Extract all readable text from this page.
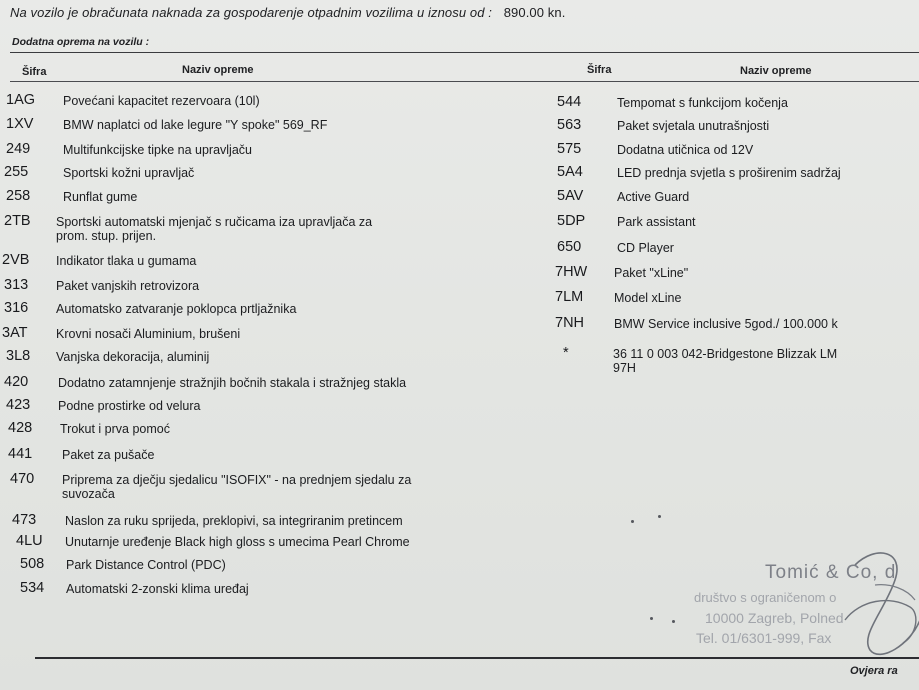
Na vozilo je obračunata naknada za gospodarenje otpadnim vozilima u iznosu od : 890.00 kn.
Dodatna oprema na vozilu :
Šifra	Naziv opreme	Šifra	Naziv opreme
1AG Povećani kapacitet rezervoara (10l)
1XV BMW naplatci od lake legure "Y spoke" 569_RF
249	Multifunkcijske tipke na upravljaču
255	Sportski kožni upravljač
258	Runflat gume
2TB Sportski automatski mjenjač s ručicama iza upravljača za
prom. stup. prijen.
2VB Indikator tlaka u gumama
313 Paket vanjskih retrovizora
316 Automatsko zatvaranje poklopca prtljažnika
3AT Krovni nosači Aluminium, brušeni
3L8 Vanjska dekoracija, aluminij
420 Dodatno zatamnjenje stražnjih bočnih stakala i stražnjeg stakla
423 Podne prostirke od velura
428 Trokut i prva pomoć
441 Paket za pušače
470 Priprema za dječju sjedalicu "ISOFIX" - na prednjem sjedalu za
suvozača
473 Naslon za ruku sprijeda, preklopivi, sa integriranim pretincem
4LU Unutarnje uređenje Black high gloss s umecima Pearl Chrome
508 Park Distance Control (PDC)
534 Automatski 2-zonski klima uređaj
544	Tempomat s funkcijom kočenja
563	Paket svjetala unutrašnjosti
575	Dodatna utičnica od 12V
5A4	LED prednja svjetla s proširenim sadržaj
5AV	Active Guard
5DP	Park assistant
650	CD Player
7HW Paket "xLine"
7LM Model xLine
7NH BMW Service inclusive 5god./ 100.000 k
*	36 11 0 003 042-Bridgestone Blizzak LM
97H
Tomić & Co, d
društvo s ograničenom o
10000 Zagreb, Polned
Tel. 01/6301-999, Fax
Ovjera ra
